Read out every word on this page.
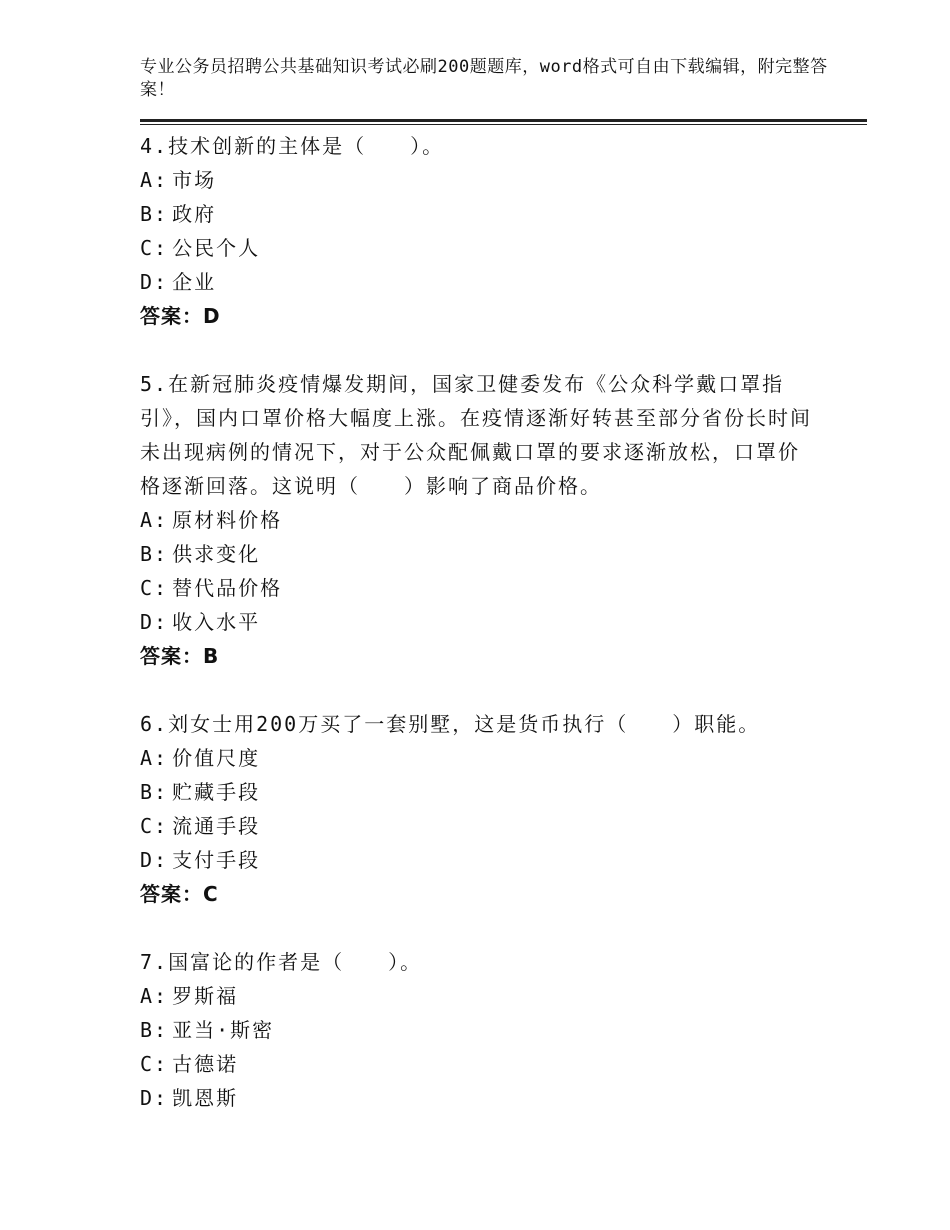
专业公务员招聘公共基础知识考试必刷200题题库，word格式可自由下载编辑，附完整答案！
4.技术创新的主体是（　　）。
A: 市场
B: 政府
C: 公民个人
D: 企业
答案：D
5.在新冠肺炎疫情爆发期间，国家卫健委发布《公众科学戴口罩指引》，国内口罩价格大幅度上涨。在疫情逐渐好转甚至部分省份长时间未出现病例的情况下，对于公众配佩戴口罩的要求逐渐放松，口罩价格逐渐回落。这说明（　　）影响了商品价格。
A: 原材料价格
B: 供求变化
C: 替代品价格
D: 收入水平
答案：B
6.刘女士用200万买了一套别墅，这是货币执行（　　）职能。
A: 价值尺度
B: 贮藏手段
C: 流通手段
D: 支付手段
答案：C
7.国富论的作者是（　　）。
A: 罗斯福
B: 亚当·斯密
C: 古德诺
D: 凯恩斯
